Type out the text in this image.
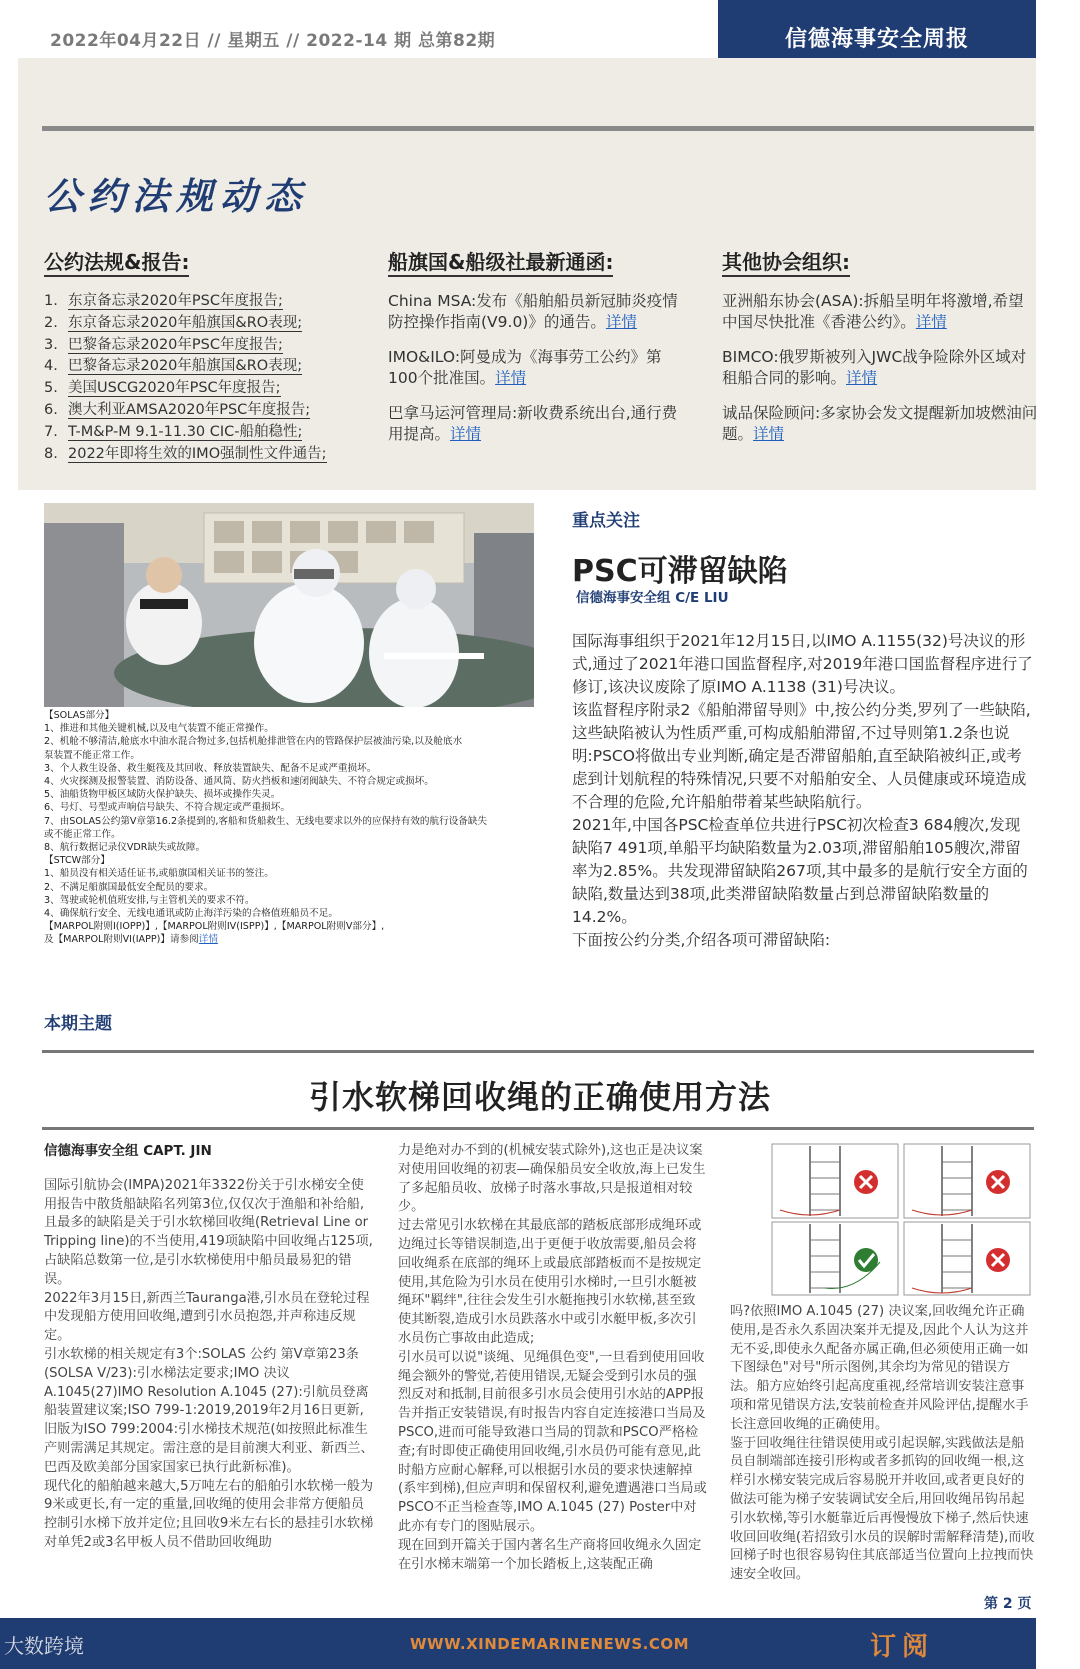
2022年04月22日 // 星期五 // 2022-14 期 总第82期	信德海事安全周报
公约法规动态
公约法规&报告:
1. 东京备忘录2020年PSC年度报告;
2. 东京备忘录2020年船旗国&RO表现;
3. 巴黎备忘录2020年PSC年度报告;
4. 巴黎备忘录2020年船旗国&RO表现;
5. 美国USCG2020年PSC年度报告;
6. 澳大利亚AMSA2020年PSC年度报告;
7. T-M&P-M 9.1-11.30 CIC-船舶稳性;
8. 2022年即将生效的IMO强制性文件通告;
船旗国&船级社最新通函:
China MSA:发布《船舶船员新冠肺炎疫情防控操作指南(V9.0)》的通告。详情
IMO&ILO:阿曼成为《海事劳工公约》第100个批准国。详情
巴拿马运河管理局:新收费系统出台,通行费用提高。详情
其他协会组织:
亚洲船东协会(ASA):拆船呈明年将激增,希望中国尽快批准《香港公约》。详情
BIMCO:俄罗斯被列入JWC战争险除外区域对租船合同的影响。详情
诚品保险顾问:多家协会发文提醒新加坡燃油问题。详情
【SOLAS部分】
1、推进和其他关键机械,以及电气装置不能正常操作。
2、机舱不够清洁,舱底水中油水混合物过多,包括机舱排泄管在内的管路保护层被油污染,以及舱底水
泵装置不能正常工作。
3、个人救生设备、救生艇筏及其回收、释放装置缺失、配备不足或严重损坏。
4、火灾探测及报警装置、消防设备、通风筒、防火挡板和速闭阀缺失、不符合规定或损坏。
5、油船货物甲板区域防火保护缺失、损坏或操作失灵。
6、号灯、号型或声响信号缺失、不符合规定或严重损坏。
7、由SOLAS公约第V章第16.2条提到的,客船和货船救生、无线电要求以外的应保持有效的航行设备缺失
或不能正常工作。
8、航行数据记录仪VDR缺失或故障。
【STCW部分】
1、船员没有相关适任证书,或船旗国相关证书的签注。
2、不满足船旗国最低安全配员的要求。
3、驾驶或轮机值班安排,与主管机关的要求不符。
4、确保航行安全、无线电通讯或防止海洋污染的合格值班船员不足。
【MARPOL附则I(IOPP)】,【MARPOL附则IV(ISPP)】,【MARPOL附则V部分】,
及【MARPOL附则VI(IAPP)】请参阅详情
重点关注
PSC可滞留缺陷
信德海事安全组 C/E LIU

国际海事组织于2021年12月15日,以IMO A.1155(32)号决议的形式,通过了2021年港口国监督程序,对2019年港口国监督程序进行了修订,该决议废除了原IMO A.1138 (31)号决议。

该监督程序附录2《船舶滞留导则》中,按公约分类,罗列了一些缺陷,这些缺陷被认为性质严重,可构成船舶滞留,不过导则第1.2条也说明:PSCO将做出专业判断,确定是否滞留船舶,直至缺陷被纠正,或考虑到计划航程的特殊情况,只要不对船舶安全、人员健康或环境造成不合理的危险,允许船舶带着某些缺陷航行。

2021年,中国各PSC检查单位共进行PSC初次检查3 684艘次,发现缺陷7 491项,单船平均缺陷数量为2.03项,滞留船舶105艘次,滞留率为2.85%。共发现滞留缺陷267项,其中最多的是航行安全方面的缺陷,数量达到38项,此类滞留缺陷数量占到总滞留缺陷数量的14.2%。

下面按公约分类,介绍各项可滞留缺陷:

本期主题
引水软梯回收绳的正确使用方法
信德海事安全组 CAPT. JIN

国际引航协会(IMPA)2021年3322份关于引水梯安全使用报告中散货船缺陷名列第3位,仅仅次于渔船和补给船,且最多的缺陷是关于引水软梯回收绳(Retrieval Line or Tripping line)的不当使用,419项缺陷中回收绳占125项,占缺陷总数第一位,是引水软梯使用中船员最易犯的错误。

2022年3月15日,新西兰Tauranga港,引水员在登轮过程中发现船方使用回收绳,遭到引水员抱怨,并声称违反规定。

引水软梯的相关规定有3个:SOLAS 公约 第V章第23条(SOLSA V/23):引水梯法定要求;IMO 决议A.1045(27)IMO Resolution A.1045 (27):引航员登离船装置建议案;ISO 799-1:2019,2019年2月16日更新,旧版为ISO 799:2004:引水梯技术规范(如按照此标准生产则需满足其规定。需注意的是目前澳大利亚、新西兰、巴西及欧美部分国家国家已执行此新标准)。

现代化的船舶越来越大,5万吨左右的船舶引水软梯一般为9米或更长,有一定的重量,回收绳的使用会非常方便船员控制引水梯下放并定位;且回收9米左右长的悬挂引水软梯对单凭2或3名甲板人员不借助回收绳助

力是绝对办不到的(机械安装式除外),这也正是决议案对使用回收绳的初衷—确保船员安全收放,海上已发生了多起船员收、放梯子时落水事故,只是报道相对较少。

过去常见引水软梯在其最底部的踏板底部形成绳环或边绳过长等错误制造,出于更便于收放需要,船员会将回收绳系在底部的绳环上或最底部踏板而不是按规定使用,其危险为引水员在使用引水梯时,一旦引水艇被绳环"羁绊",往往会发生引水艇拖拽引水软梯,甚至致使其断裂,造成引水员跌落水中或引水艇甲板,多次引水员伤亡事故由此造成;

引水员可以说"谈绳、见绳俱色变",一旦看到使用回收绳会额外的警觉,若使用错误,无疑会受到引水员的强烈反对和抵制,目前很多引水员会使用引水站的APP报告并指正安装错误,有时报告内容自定连接港口当局及PSCO,进而可能导致港口当局的罚款和PSCO严格检查;有时即使正确使用回收绳,引水员仍可能有意见,此时船方应耐心解释,可以根据引水员的要求快速解掉(系牢到梯),但应声明和保留权利,避免遭遇港口当局或PSCO不正当检查等,IMO A.1045 (27) Poster中对此亦有专门的图贴展示。

现在回到开篇关于国内著名生产商将回收绳永久固定在引水梯末端第一个加长踏板上,这装配正确

吗?依照IMO A.1045 (27) 决议案,回收绳允许正确使用,是否永久系固决案并无提及,因此个人认为这并无不妥,即使永久配备亦属正确,但必须使用正确一如下图绿色"对号"所示图例,其余均为常见的错误方法。船方应始终引起高度重视,经常培训安装注意事项和常见错误方法,安装前检查并风险评估,提醒水手长注意回收绳的正确使用。

鉴于回收绳往往错误使用或引起误解,实践做法是船员自制端部连接引形构或者多抓钩的回收绳一根,这样引水梯安装完成后容易脱开并收回,或者更良好的做法可能为梯子安装调试安全后,用回收绳吊钩吊起引水软梯,等引水艇靠近后再慢慢放下梯子,然后快速收回回收绳(若招致引水员的误解时需解释清楚),而收回梯子时也很容易钩住其底部适当位置向上拉拽而快速安全收回。

第 2 页
大数跨境	WWW.XINDEMARINENEWS.COM	订阅
